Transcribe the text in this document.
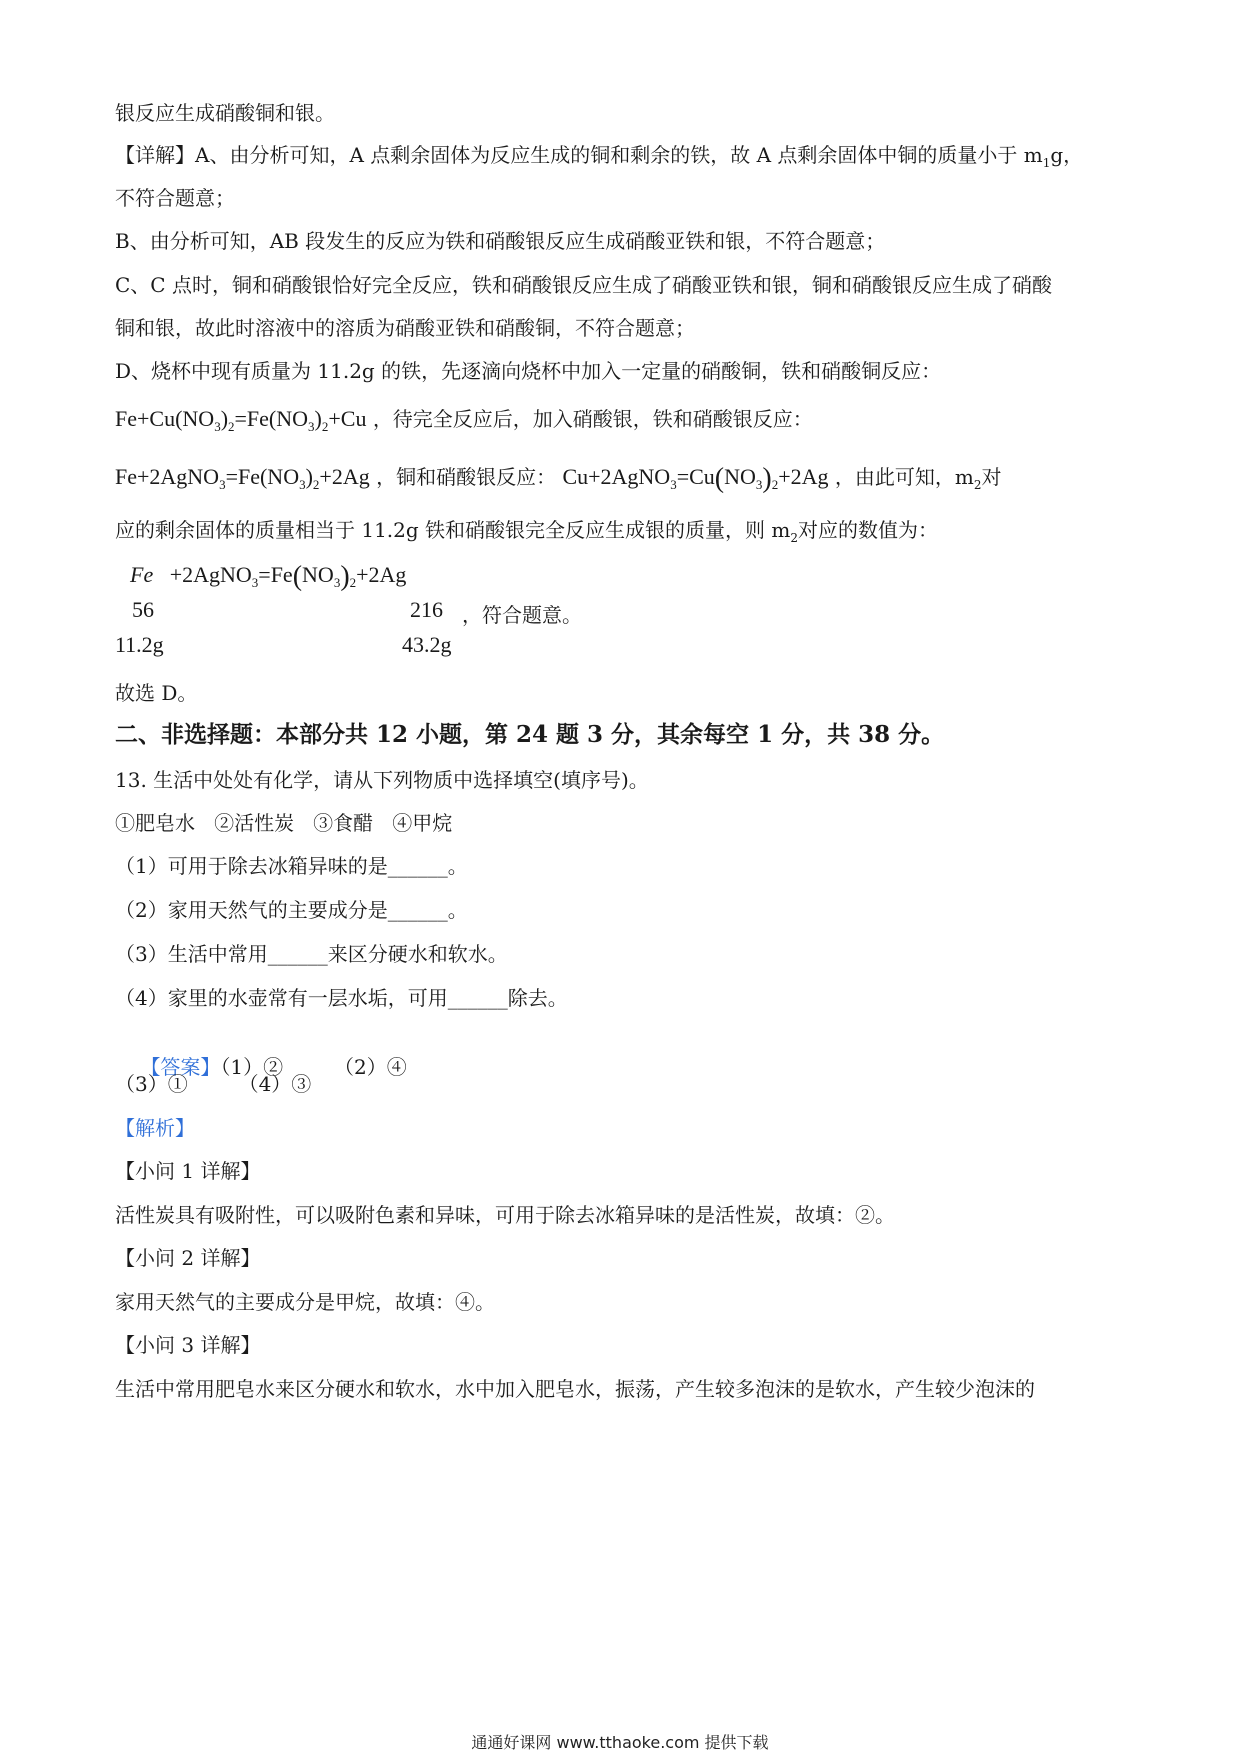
银反应生成硝酸铜和银。
【详解】A、由分析可知，A 点剩余固体为反应生成的铜和剩余的铁，故 A 点剩余固体中铜的质量小于 $m_1g$，
不符合题意；
B、由分析可知，AB 段发生的反应为铁和硝酸银反应生成硝酸亚铁和银，不符合题意；
C、C 点时，铜和硝酸银恰好完全反应，铁和硝酸银反应生成了硝酸亚铁和银，铜和硝酸银反应生成了硝酸
铜和银，故此时溶液中的溶质为硝酸亚铁和硝酸铜，不符合题意；
D、烧杯中现有质量为 11.2g 的铁，先逐滴向烧杯中加入一定量的硝酸铜，铁和硝酸铜反应：
$Fe+Cu(NO_3)_2=Fe(NO_3)_2+Cu$ ，待完全反应后，加入硝酸银，铁和硝酸银反应：
$Fe+2AgNO_3=Fe(NO_3)_2+2Ag$ ，铜和硝酸银反应： $Cu+2AgNO_3=Cu(NO_3)_2+2Ag$ ，由此可知，$m_2$对
应的剩余固体的质量相当于 11.2g 铁和硝酸银完全反应生成银的质量，则 $m_2$对应的数值为：
$Fe +2AgNO_3=Fe(NO_3)_2+2Ag$
56	216 ，符合题意。
11.2g	43.2g
故选 D。
二、非选择题：本部分共 12 小题，第 24 题 3 分，其余每空 1 分，共 38 分。
13. 生活中处处有化学，请从下列物质中选择填空(填序号)。
①肥皂水   ②活性炭   ③食醋   ④甲烷
（1）可用于除去冰箱异味的是______。
（2）家用天然气的主要成分是______。
（3）生活中常用______来区分硬水和软水。
（4）家里的水壶常有一层水垢，可用______除去。

【答案】（1）②        （2）④

（3）①        （4）③
【解析】
【小问 1 详解】
活性炭具有吸附性，可以吸附色素和异味，可用于除去冰箱异味的是活性炭，故填：②。
【小问 2 详解】
家用天然气的主要成分是甲烷，故填：④。
【小问 3 详解】
生活中常用肥皂水来区分硬水和软水，水中加入肥皂水，振荡，产生较多泡沫的是软水，产生较少泡沫的
通通好课网 www.tthaoke.com 提供下载
